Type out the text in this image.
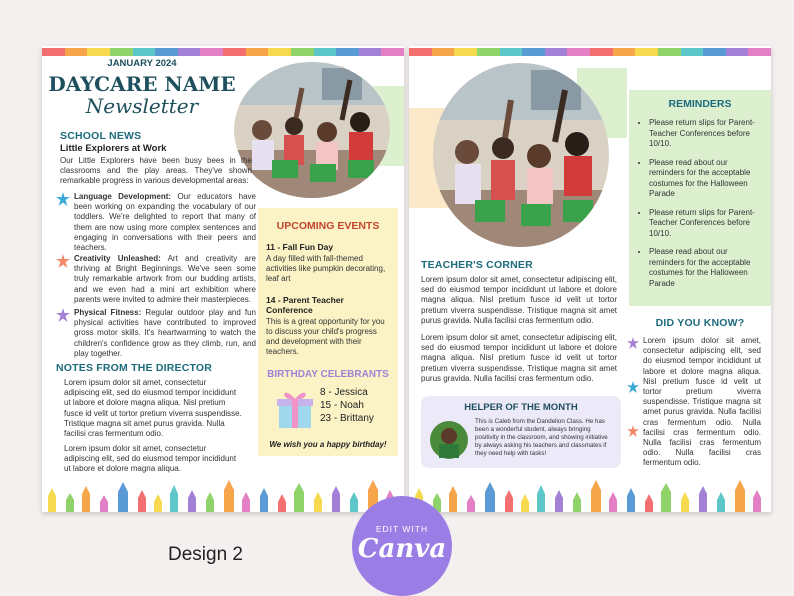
JANUARY 2024
DAYCARE NAME
Newsletter
SCHOOL NEWS
Little Explorers at Work
Our Little Explorers have been busy bees in the classrooms and the play areas. They've shown remarkable progress in various developmental areas:
Language Development: Our educators have been working on expanding the vocabulary of our toddlers. We're delighted to report that many of them are now using more complex sentences and engaging in conversations with their peers and teachers.
Creativity Unleashed: Art and creativity are thriving at Bright Beginnings. We've seen some truly remarkable artwork from our budding artists, and we even had a mini art exhibition where parents were invited to admire their masterpieces.
Physical Fitness: Regular outdoor play and fun physical activities have contributed to improved gross motor skills. It's heartwarming to watch the children's confidence grow as they climb, run, and play together.
NOTES FROM THE DIRECTOR
Lorem ipsum dolor sit amet, consectetur adipiscing elit, sed do eiusmod tempor incididunt ut labore et dolore magna aliqua. Nisl pretium fusce id velit ut tortor pretium viverra suspendisse. Tristique magna sit amet purus gravida. Nulla facilisi cras fermentum odio.
Lorem ipsum dolor sit amet, consectetur adipiscing elit, sed do eiusmod tempor incididunt ut labore et dolore magna aliqua.
UPCOMING EVENTS
11 - Fall Fun Day
A day filled with fall-themed activities like pumpkin decorating, leaf art
14 - Parent Teacher Conference
This is a great opportunity for you to discuss your child's progress and development with their teachers.
BIRTHDAY CELEBRANTS
8 - Jessica
15 - Noah
23 - Brittany
We wish you a happy birthday!
REMINDERS
• Please return slips for Parent-Teacher Conferences before 10/10.
• Please read about our reminders for the acceptable costumes for the Halloween Parade
• Please return slips for Parent-Teacher Conferences before 10/10.
• Please read about our reminders for the acceptable costumes for the Halloween Parade
TEACHER'S CORNER
Lorem ipsum dolor sit amet, consectetur adipiscing elit, sed do eiusmod tempor incididunt ut labore et dolore magna aliqua. Nisl pretium fusce id velit ut tortor pretium viverra suspendisse. Tristique magna sit amet purus gravida. Nulla facilisi cras fermentum odio.
Lorem ipsum dolor sit amet, consectetur adipiscing elit, sed do eiusmod tempor incididunt ut labore et dolore magna aliqua. Nisl pretium fusce id velit ut tortor pretium viverra suspendisse. Tristique magna sit amet purus gravida. Nulla facilisi cras fermentum odio.
HELPER OF THE MONTH
This is Caleb from the Dandelion Class. He has been a wonderful student, always bringing positivity in the classroom, and showing initiative by always asking his teachers and classmates if they need help with tasks!
DID YOU KNOW?
Lorem ipsum dolor sit amet, consectetur adipiscing elit, sed do eiusmod tempor incididunt ut labore et dolore magna aliqua. Nisl pretium fusce id velit ut tortor pretium viverra suspendisse. Tristique magna sit amet purus gravida. Nulla facilisi cras fermentum odio. Nulla facilisi cras fermentum odio. Nulla facilisi cras fermentum odio. Nulla facilisi cras fermentum odio.
Design 2
EDIT WITH
Canva
